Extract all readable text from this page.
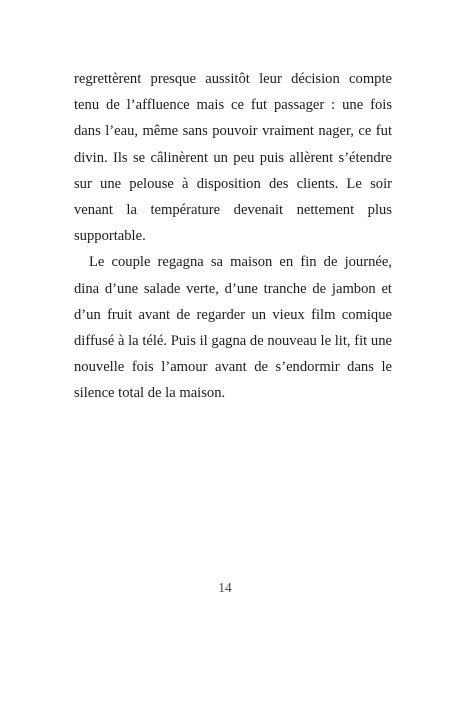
regrettèrent presque aussitôt leur décision compte tenu de l’affluence mais ce fut passager : une fois dans l’eau, même sans pouvoir vraiment nager, ce fut divin. Ils se câlinèrent un peu puis allèrent s’étendre sur une pelouse à disposition des clients. Le soir venant la température devenait nettement plus supportable.

Le couple regagna sa maison en fin de journée, dina d’une salade verte, d’une tranche de jambon et d’un fruit avant de regarder un vieux film comique diffusé à la télé. Puis il gagna de nouveau le lit, fit une nouvelle fois l’amour avant de s’endormir dans le silence total de la maison.

14
